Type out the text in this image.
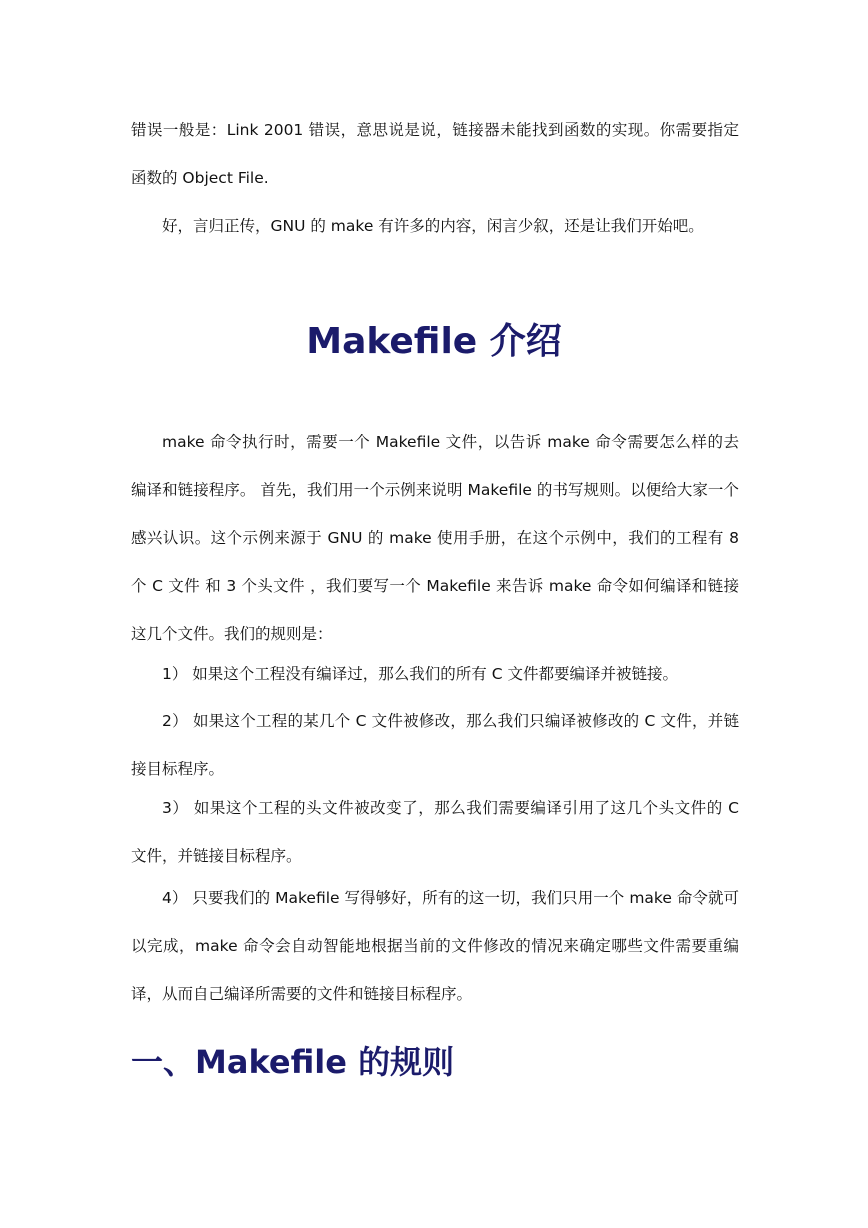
错误一般是：Link 2001 错误，意思说是说，链接器未能找到函数的实现。你需要指定函数的 Object File.

好，言归正传，GNU 的 make 有许多的内容，闲言少叙，还是让我们开始吧。

Makefile 介绍

make 命令执行时，需要一个 Makefile 文件，以告诉 make 命令需要怎么样的去编译和链接程序。 首先，我们用一个示例来说明 Makefile 的书写规则。以便给大家一个感兴认识。这个示例来源于 GNU 的 make 使用手册，在这个示例中，我们的工程有 8 个 C 文件 和 3 个头文件 ，我们要写一个 Makefile 来告诉 make 命令如何编译和链接这几个文件。我们的规则是：

1） 如果这个工程没有编译过，那么我们的所有 C 文件都要编译并被链接。

2） 如果这个工程的某几个 C 文件被修改，那么我们只编译被修改的 C 文件，并链接目标程序。

3） 如果这个工程的头文件被改变了，那么我们需要编译引用了这几个头文件的 C 文件，并链接目标程序。

4） 只要我们的 Makefile 写得够好，所有的这一切，我们只用一个 make 命令就可以完成，make 命令会自动智能地根据当前的文件修改的情况来确定哪些文件需要重编译，从而自己编译所需要的文件和链接目标程序。

一、Makefile 的规则
